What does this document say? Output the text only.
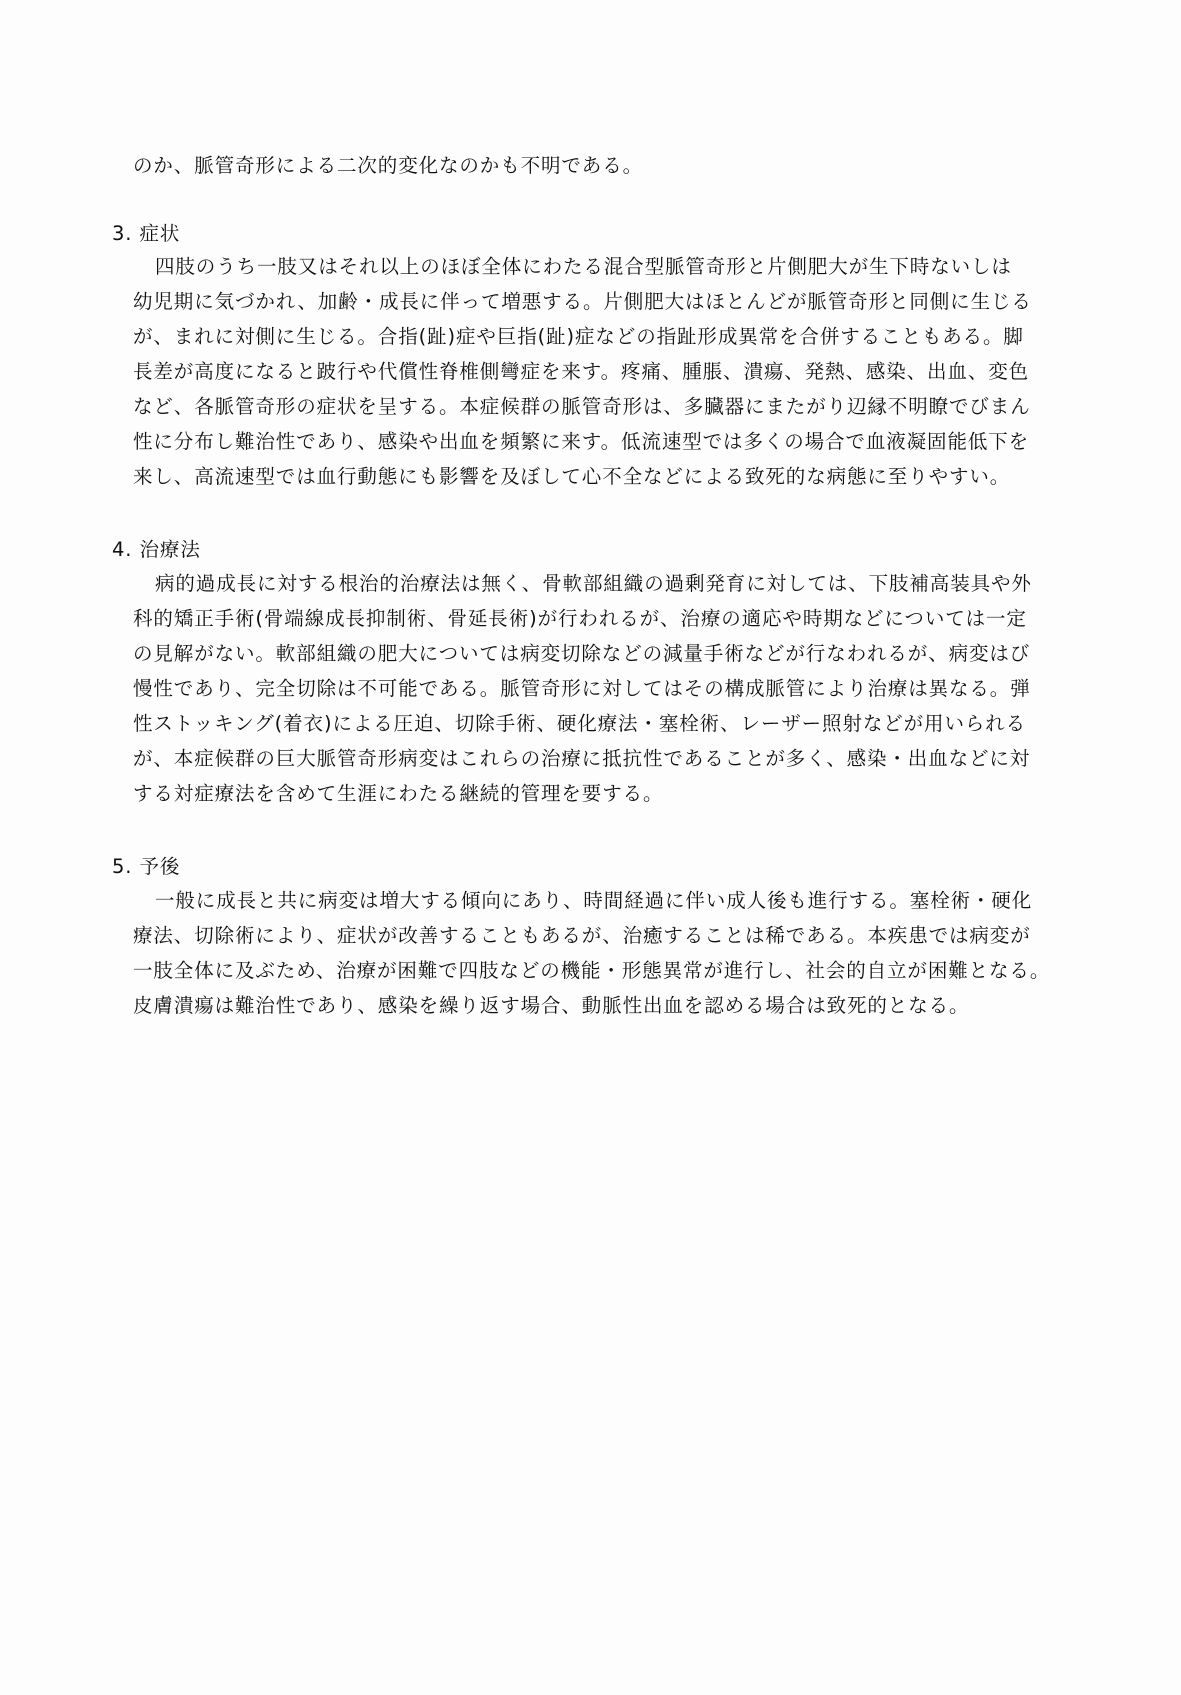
のか、脈管奇形による二次的変化なのかも不明である。
3. 症状
四肢のうち一肢又はそれ以上のほぼ全体にわたる混合型脈管奇形と片側肥大が生下時ないしは
幼児期に気づかれ、加齢・成長に伴って増悪する。片側肥大はほとんどが脈管奇形と同側に生じる
が、まれに対側に生じる。合指(趾)症や巨指(趾)症などの指趾形成異常を合併することもある。脚
長差が高度になると跛行や代償性脊椎側彎症を来す。疼痛、腫脹、潰瘍、発熱、感染、出血、変色
など、各脈管奇形の症状を呈する。本症候群の脈管奇形は、多臓器にまたがり辺縁不明瞭でびまん
性に分布し難治性であり、感染や出血を頻繁に来す。低流速型では多くの場合で血液凝固能低下を
来し、高流速型では血行動態にも影響を及ぼして心不全などによる致死的な病態に至りやすい。
4. 治療法
病的過成長に対する根治的治療法は無く、骨軟部組織の過剰発育に対しては、下肢補高装具や外
科的矯正手術(骨端線成長抑制術、骨延長術)が行われるが、治療の適応や時期などについては一定
の見解がない。軟部組織の肥大については病変切除などの減量手術などが行なわれるが、病変はび
慢性であり、完全切除は不可能である。脈管奇形に対してはその構成脈管により治療は異なる。弾
性ストッキング(着衣)による圧迫、切除手術、硬化療法・塞栓術、レーザー照射などが用いられる
が、本症候群の巨大脈管奇形病変はこれらの治療に抵抗性であることが多く、感染・出血などに対
する対症療法を含めて生涯にわたる継続的管理を要する。
5. 予後
一般に成長と共に病変は増大する傾向にあり、時間経過に伴い成人後も進行する。塞栓術・硬化
療法、切除術により、症状が改善することもあるが、治癒することは稀である。本疾患では病変が
一肢全体に及ぶため、治療が困難で四肢などの機能・形態異常が進行し、社会的自立が困難となる。
皮膚潰瘍は難治性であり、感染を繰り返す場合、動脈性出血を認める場合は致死的となる。
